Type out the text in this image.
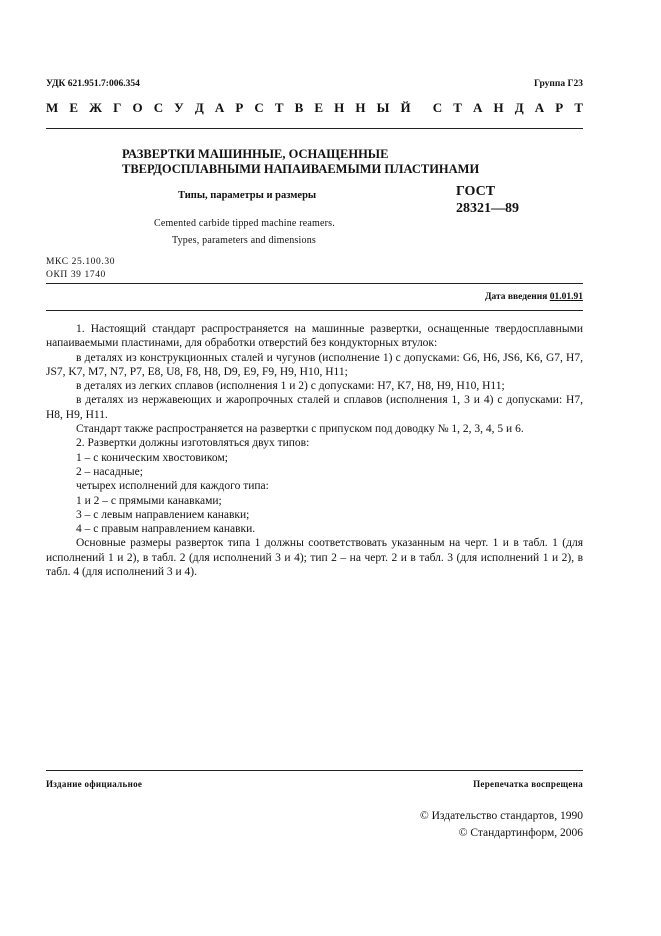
УДК 621.951.7:006.354	Группа Г23
М Е Ж Г О С У Д А Р С Т В Е Н Н Ы Й С Т А Н Д А Р Т
РАЗВЕРТКИ МАШИННЫЕ, ОСНАЩЕННЫЕ
ТВЕРДОСПЛАВНЫМИ НАПАИВАЕМЫМИ ПЛАСТИНАМИ
Типы, параметры и размеры	ГОСТ
28321—89
Cemented carbide tipped machine reamers.
Types, parameters and dimensions
МКС 25.100.30
ОКП 39 1740
Дата введения 01.01.91

1. Настоящий стандарт распространяется на машинные развертки, оснащенные твердосплавными напаиваемыми пластинами, для обработки отверстий без кондукторных втулок:

в деталях из конструкционных сталей и чугунов (исполнение 1) с допусками: G6, H6, JS6, K6, G7, H7, JS7, K7, M7, N7, P7, E8, U8, F8, H8, D9, E9, F9, H9, H10, H11;

в деталях из легких сплавов (исполнения 1 и 2) с допусками: H7, K7, H8, H9, H10, H11;

в деталях из нержавеющих и жаропрочных сталей и сплавов (исполнения 1, 3 и 4) с допусками: H7, H8, H9, H11.

Стандарт также распространяется на развертки с припуском под доводку № 1, 2, 3, 4, 5 и 6.

2. Развертки должны изготовляться двух типов:

1 – с коническим хвостовиком;

2 – насадные;

четырех исполнений для каждого типа:

1 и 2 – с прямыми канавками;

3 – с левым направлением канавки;

4 – с правым направлением канавки.

Основные размеры разверток типа 1 должны соответствовать указанным на черт. 1 и в табл. 1 (для исполнений 1 и 2), в табл. 2 (для исполнений 3 и 4); тип 2 – на черт. 2 и в табл. 3 (для исполнений 1 и 2), в табл. 4 (для исполнений 3 и 4).

Издание официальное	Перепечатка воспрещена
© Издательство стандартов, 1990
© Стандартинформ, 2006
